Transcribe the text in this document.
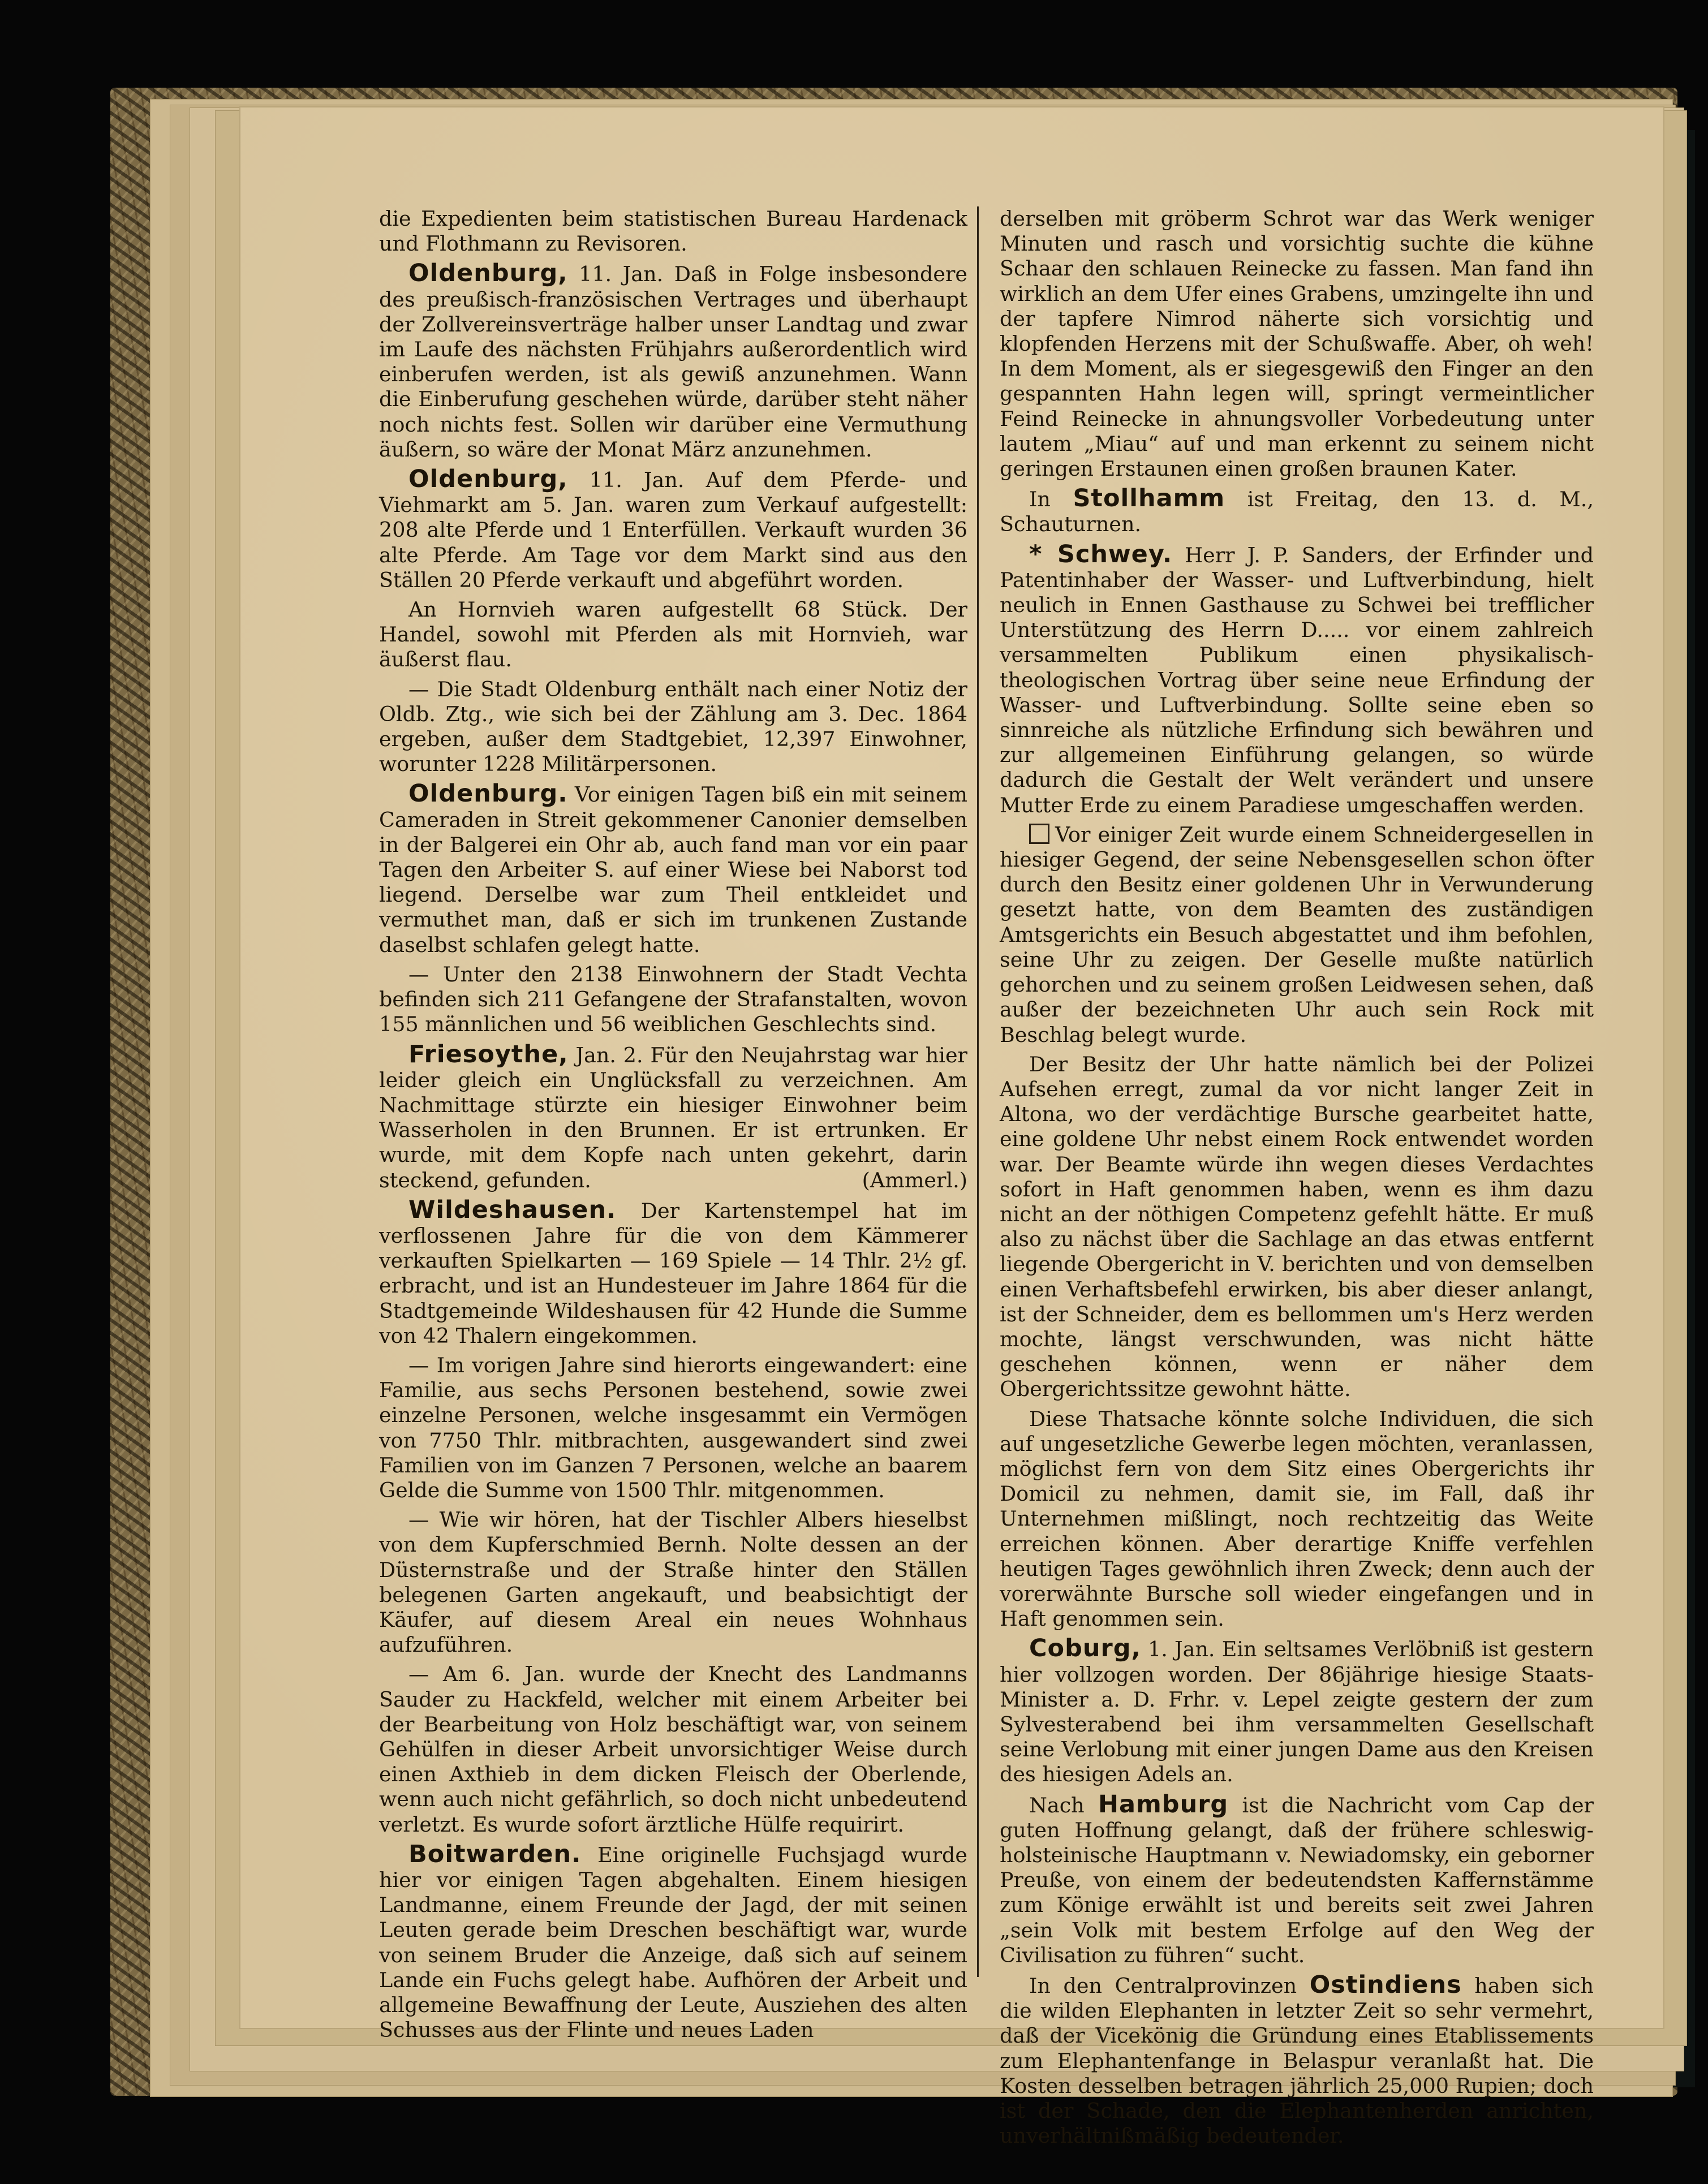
die Expedienten beim statistischen Bureau Hardenack und Flothmann zu Revisoren.

Oldenburg, 11. Jan. Daß in Folge insbesondere des preußisch-französischen Vertrages und überhaupt der Zollvereinsverträge halber unser Landtag und zwar im Laufe des nächsten Frühjahrs außerordentlich wird einberufen werden, ist als gewiß anzunehmen. Wann die Einberufung geschehen würde, darüber steht näher noch nichts fest. Sollen wir darüber eine Vermuthung äußern, so wäre der Monat März anzunehmen.

Oldenburg, 11. Jan. Auf dem Pferde- und Viehmarkt am 5. Jan. waren zum Verkauf aufgestellt: 208 alte Pferde und 1 Enterfüllen. Verkauft wurden 36 alte Pferde. Am Tage vor dem Markt sind aus den Ställen 20 Pferde verkauft und abgeführt worden.

An Hornvieh waren aufgestellt 68 Stück. Der Handel, sowohl mit Pferden als mit Hornvieh, war äußerst flau.

— Die Stadt Oldenburg enthält nach einer Notiz der Oldb. Ztg., wie sich bei der Zählung am 3. Dec. 1864 ergeben, außer dem Stadtgebiet, 12,397 Einwohner, worunter 1228 Militärpersonen.

Oldenburg. Vor einigen Tagen biß ein mit seinem Cameraden in Streit gekommener Canonier demselben in der Balgerei ein Ohr ab, auch fand man vor ein paar Tagen den Arbeiter S. auf einer Wiese bei Naborst tod liegend. Derselbe war zum Theil entkleidet und vermuthet man, daß er sich im trunkenen Zustande daselbst schlafen gelegt hatte.

— Unter den 2138 Einwohnern der Stadt Vechta befinden sich 211 Gefangene der Strafanstalten, wovon 155 männlichen und 56 weiblichen Geschlechts sind.

Friesoythe, Jan. 2. Für den Neujahrstag war hier leider gleich ein Unglücksfall zu verzeichnen. Am Nachmittage stürzte ein hiesiger Einwohner beim Wasserholen in den Brunnen. Er ist ertrunken. Er wurde, mit dem Kopfe nach unten gekehrt, darin steckend, gefunden.	(Ammerl.)

Wildeshausen. Der Kartenstempel hat im verflossenen Jahre für die von dem Kämmerer verkauften Spielkarten — 169 Spiele — 14 Thlr. 2½ gf. erbracht, und ist an Hundesteuer im Jahre 1864 für die Stadtgemeinde Wildeshausen für 42 Hunde die Summe von 42 Thalern eingekommen.

— Im vorigen Jahre sind hierorts eingewandert: eine Familie, aus sechs Personen bestehend, sowie zwei einzelne Personen, welche insgesammt ein Vermögen von 7750 Thlr. mitbrachten, ausgewandert sind zwei Familien von im Ganzen 7 Personen, welche an baarem Gelde die Summe von 1500 Thlr. mitgenommen.

— Wie wir hören, hat der Tischler Albers hieselbst von dem Kupferschmied Bernh. Nolte dessen an der Düsternstraße und der Straße hinter den Ställen belegenen Garten angekauft, und beabsichtigt der Käufer, auf diesem Areal ein neues Wohnhaus aufzuführen.

— Am 6. Jan. wurde der Knecht des Landmanns Sauder zu Hackfeld, welcher mit einem Arbeiter bei der Bearbeitung von Holz beschäftigt war, von seinem Gehülfen in dieser Arbeit unvorsichtiger Weise durch einen Axthieb in dem dicken Fleisch der Oberlende, wenn auch nicht gefährlich, so doch nicht unbedeutend verletzt. Es wurde sofort ärztliche Hülfe requirirt.

Boitwarden. Eine originelle Fuchsjagd wurde hier vor einigen Tagen abgehalten. Einem hiesigen Landmanne, einem Freunde der Jagd, der mit seinen Leuten gerade beim Dreschen beschäftigt war, wurde von seinem Bruder die Anzeige, daß sich auf seinem Lande ein Fuchs gelegt habe. Aufhören der Arbeit und allgemeine Bewaffnung der Leute, Ausziehen des alten Schusses aus der Flinte und neues Laden

derselben mit gröberm Schrot war das Werk weniger Minuten und rasch und vorsichtig suchte die kühne Schaar den schlauen Reinecke zu fassen. Man fand ihn wirklich an dem Ufer eines Grabens, umzingelte ihn und der tapfere Nimrod näherte sich vorsichtig und klopfenden Herzens mit der Schußwaffe. Aber, oh weh! In dem Moment, als er siegesgewiß den Finger an den gespannten Hahn legen will, springt vermeintlicher Feind Reinecke in ahnungsvoller Vorbedeutung unter lautem „Miau“ auf und man erkennt zu seinem nicht geringen Erstaunen einen großen braunen Kater.

In Stollhamm ist Freitag, den 13. d. M., Schauturnen.

* Schwey. Herr J. P. Sanders, der Erfinder und Patentinhaber der Wasser- und Luftverbindung, hielt neulich in Ennen Gasthause zu Schwei bei trefflicher Unterstützung des Herrn D..... vor einem zahlreich versammelten Publikum einen physikalisch-theologischen Vortrag über seine neue Erfindung der Wasser- und Luftverbindung. Sollte seine eben so sinnreiche als nützliche Erfindung sich bewähren und zur allgemeinen Einführung gelangen, so würde dadurch die Gestalt der Welt verändert und unsere Mutter Erde zu einem Paradiese umgeschaffen werden.

Vor einiger Zeit wurde einem Schneidergesellen in hiesiger Gegend, der seine Nebensgesellen schon öfter durch den Besitz einer goldenen Uhr in Verwunderung gesetzt hatte, von dem Beamten des zuständigen Amtsgerichts ein Besuch abgestattet und ihm befohlen, seine Uhr zu zeigen. Der Geselle mußte natürlich gehorchen und zu seinem großen Leidwesen sehen, daß außer der bezeichneten Uhr auch sein Rock mit Beschlag belegt wurde.

Der Besitz der Uhr hatte nämlich bei der Polizei Aufsehen erregt, zumal da vor nicht langer Zeit in Altona, wo der verdächtige Bursche gearbeitet hatte, eine goldene Uhr nebst einem Rock entwendet worden war. Der Beamte würde ihn wegen dieses Verdachtes sofort in Haft genommen haben, wenn es ihm dazu nicht an der nöthigen Competenz gefehlt hätte. Er muß also zu nächst über die Sachlage an das etwas entfernt liegende Obergericht in V. berichten und von demselben einen Verhaftsbefehl erwirken, bis aber dieser anlangt, ist der Schneider, dem es bellommen um's Herz werden mochte, längst verschwunden, was nicht hätte geschehen können, wenn er näher dem Obergerichtssitze gewohnt hätte.

Diese Thatsache könnte solche Individuen, die sich auf ungesetzliche Gewerbe legen möchten, veranlassen, möglichst fern von dem Sitz eines Obergerichts ihr Domicil zu nehmen, damit sie, im Fall, daß ihr Unternehmen mißlingt, noch rechtzeitig das Weite erreichen können. Aber derartige Kniffe verfehlen heutigen Tages gewöhnlich ihren Zweck; denn auch der vorerwähnte Bursche soll wieder eingefangen und in Haft genommen sein.

Coburg, 1. Jan. Ein seltsames Verlöbniß ist gestern hier vollzogen worden. Der 86jährige hiesige Staats-Minister a. D. Frhr. v. Lepel zeigte gestern der zum Sylvesterabend bei ihm versammelten Gesellschaft seine Verlobung mit einer jungen Dame aus den Kreisen des hiesigen Adels an.

Nach Hamburg ist die Nachricht vom Cap der guten Hoffnung gelangt, daß der frühere schleswig-holsteinische Hauptmann v. Newiadomsky, ein geborner Preuße, von einem der bedeutendsten Kaffernstämme zum Könige erwählt ist und bereits seit zwei Jahren „sein Volk mit bestem Erfolge auf den Weg der Civilisation zu führen“ sucht.

In den Centralprovinzen Ostindiens haben sich die wilden Elephanten in letzter Zeit so sehr vermehrt, daß der Vicekönig die Gründung eines Etablissements zum Elephantenfange in Belaspur veranlaßt hat. Die Kosten desselben betragen jährlich 25,000 Rupien; doch ist der Schade, den die Elephantenherden anrichten, unverhältnißmäßig bedeutender.
